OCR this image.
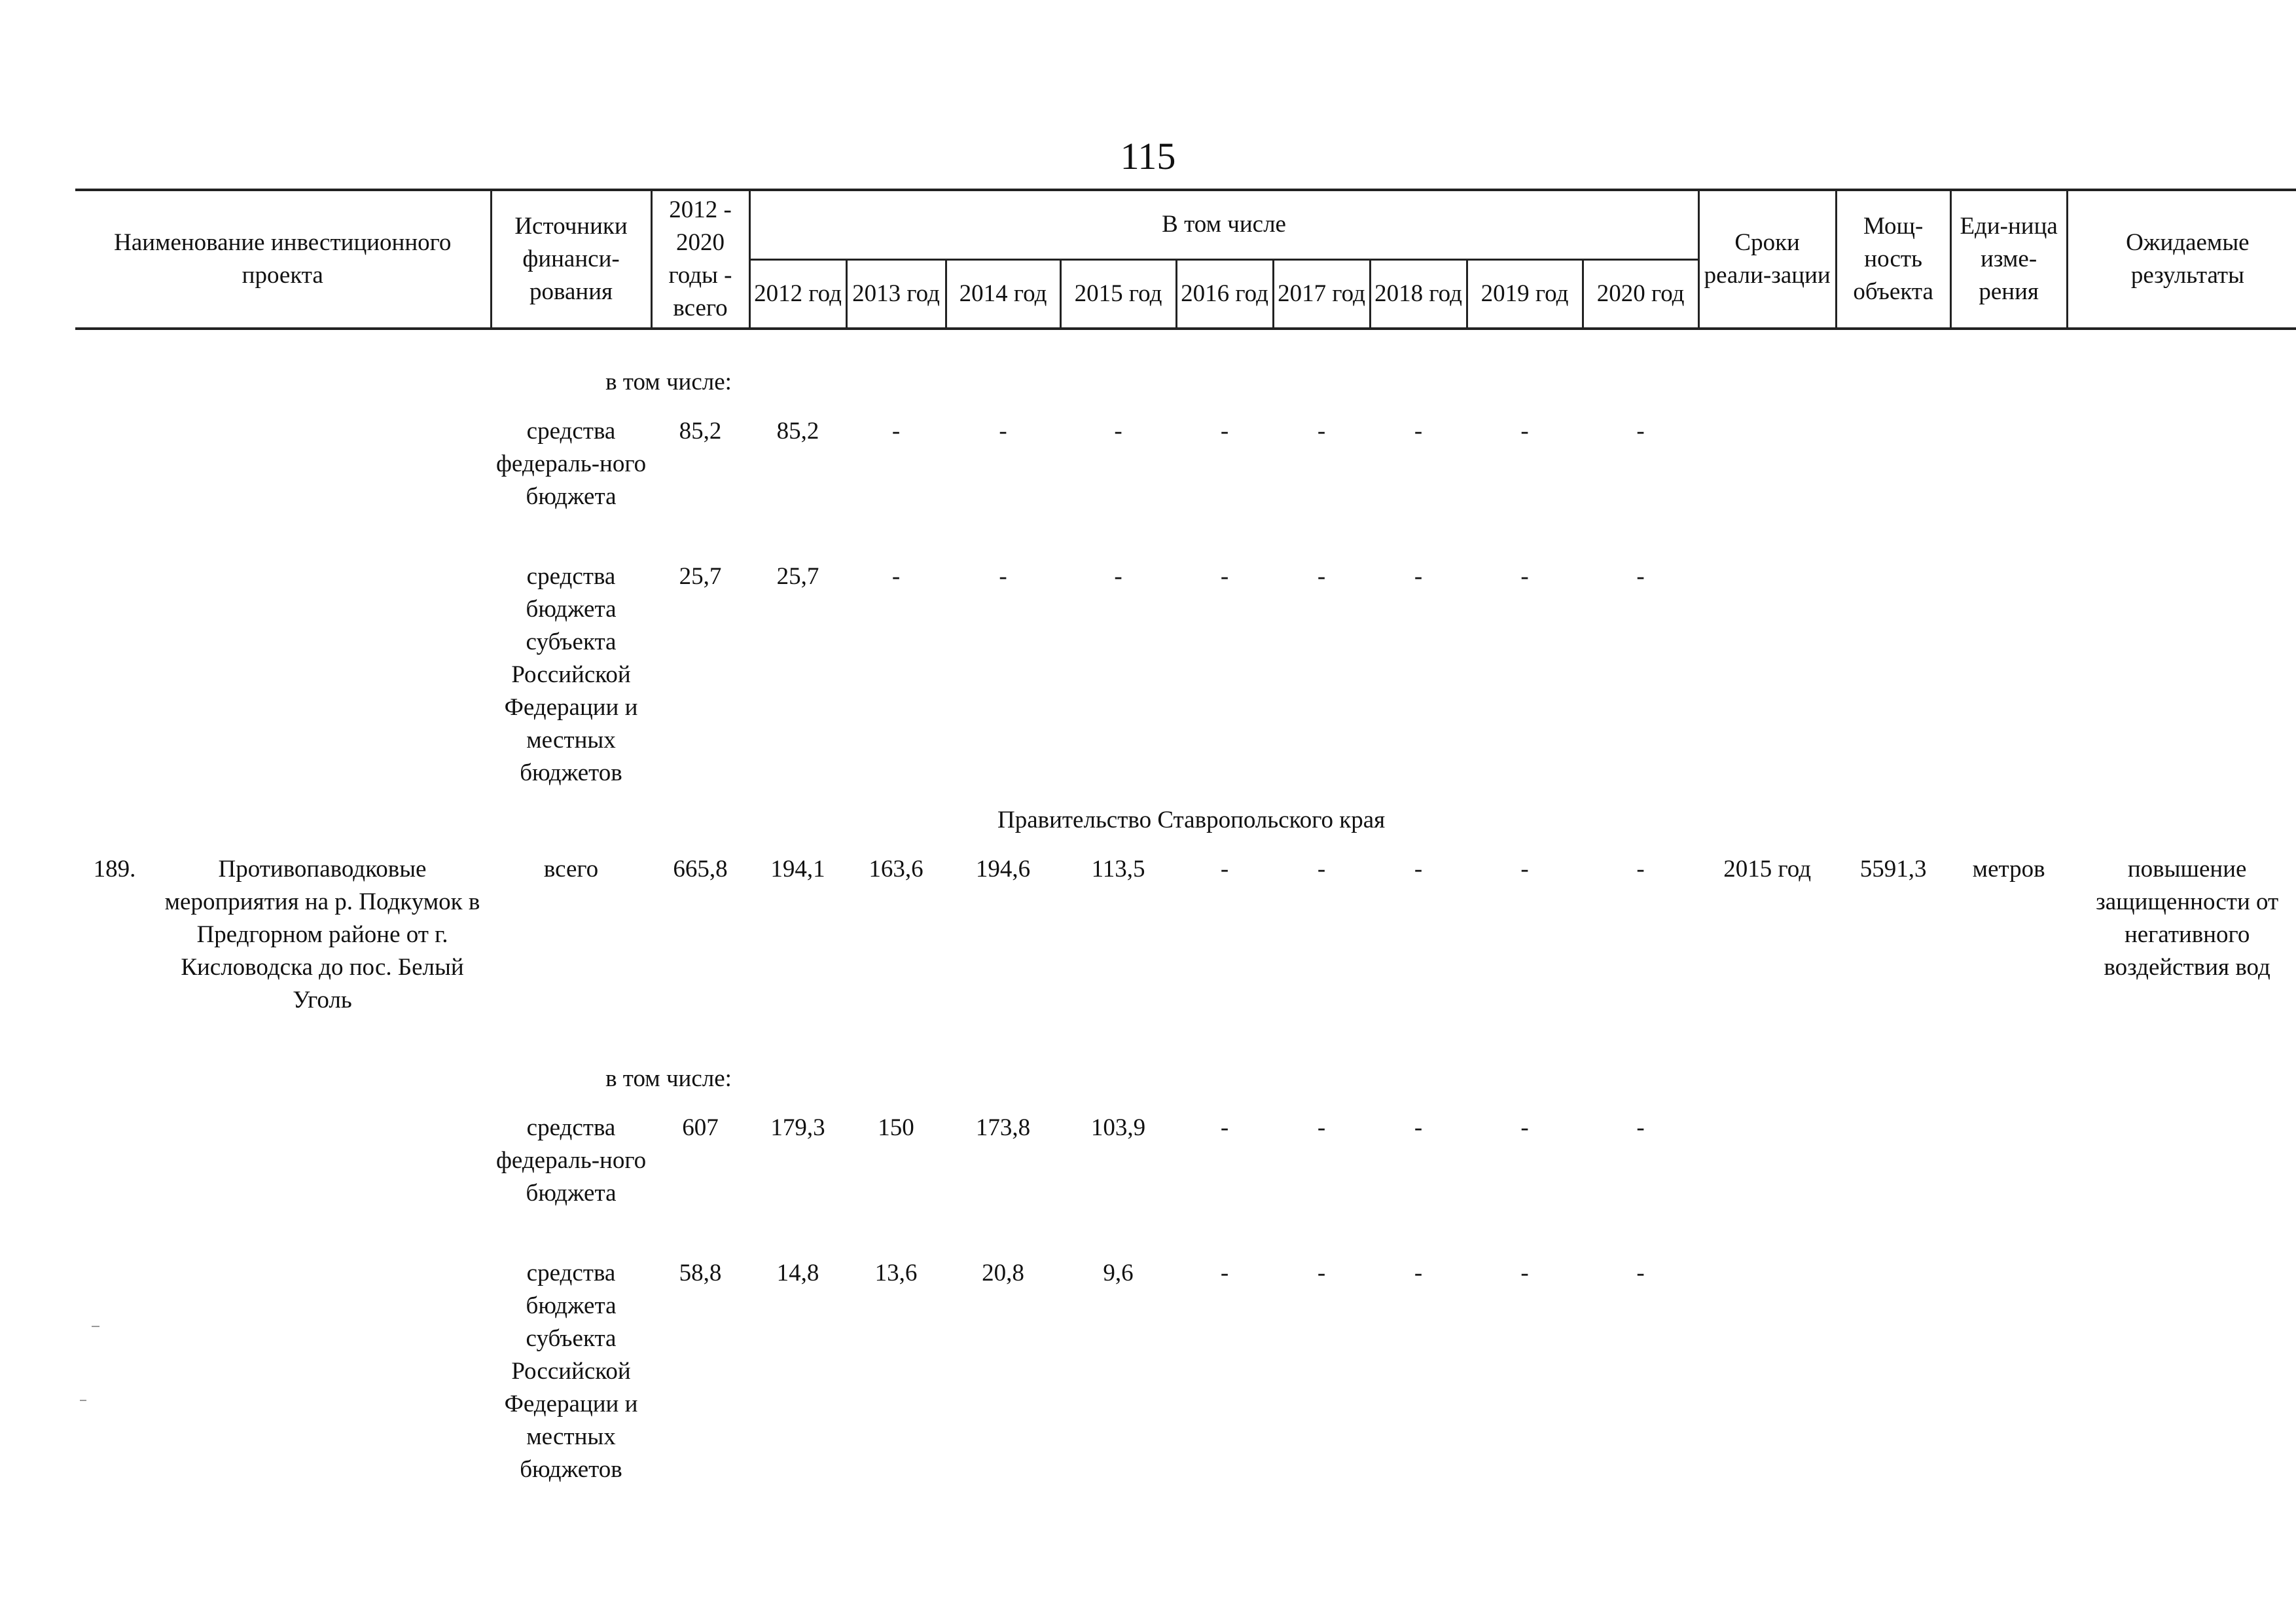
115
Наименование инвестиционного проекта		Источники финанси-рования	2012 - 2020 годы - всего	В том числе									Сроки реали-зации	Мощ-ность объекта	Еди-ница изме-рения	Ожидаемые результаты
				2012 год	2013 год	2014 год	2015 год	2016 год	2017 год	2018 год	2019 год	2020 год				

		в том числе:														
		средства федераль-ного бюджета	85,2	85,2	-	-	-	-	-	-	-	-				
		средства бюджета субъекта Российской Федерации и местных бюджетов	25,7	25,7	-	-	-	-	-	-	-	-				
Правительство Ставропольского края																
189.	Противопаводковые мероприятия на р. Подкумок в Предгорном районе от г. Кисловодска до пос. Белый Уголь	всего	665,8	194,1	163,6	194,6	113,5	-	-	-	-	-	2015 год	5591,3	метров	повышение защищенности от негативного воздействия вод
		в том числе:														
		средства федераль-ного бюджета	607	179,3	150	173,8	103,9	-	-	-	-	-				
		средства бюджета субъекта Российской Федерации и местных бюджетов	58,8	14,8	13,6	20,8	9,6	-	-	-	-	-				
